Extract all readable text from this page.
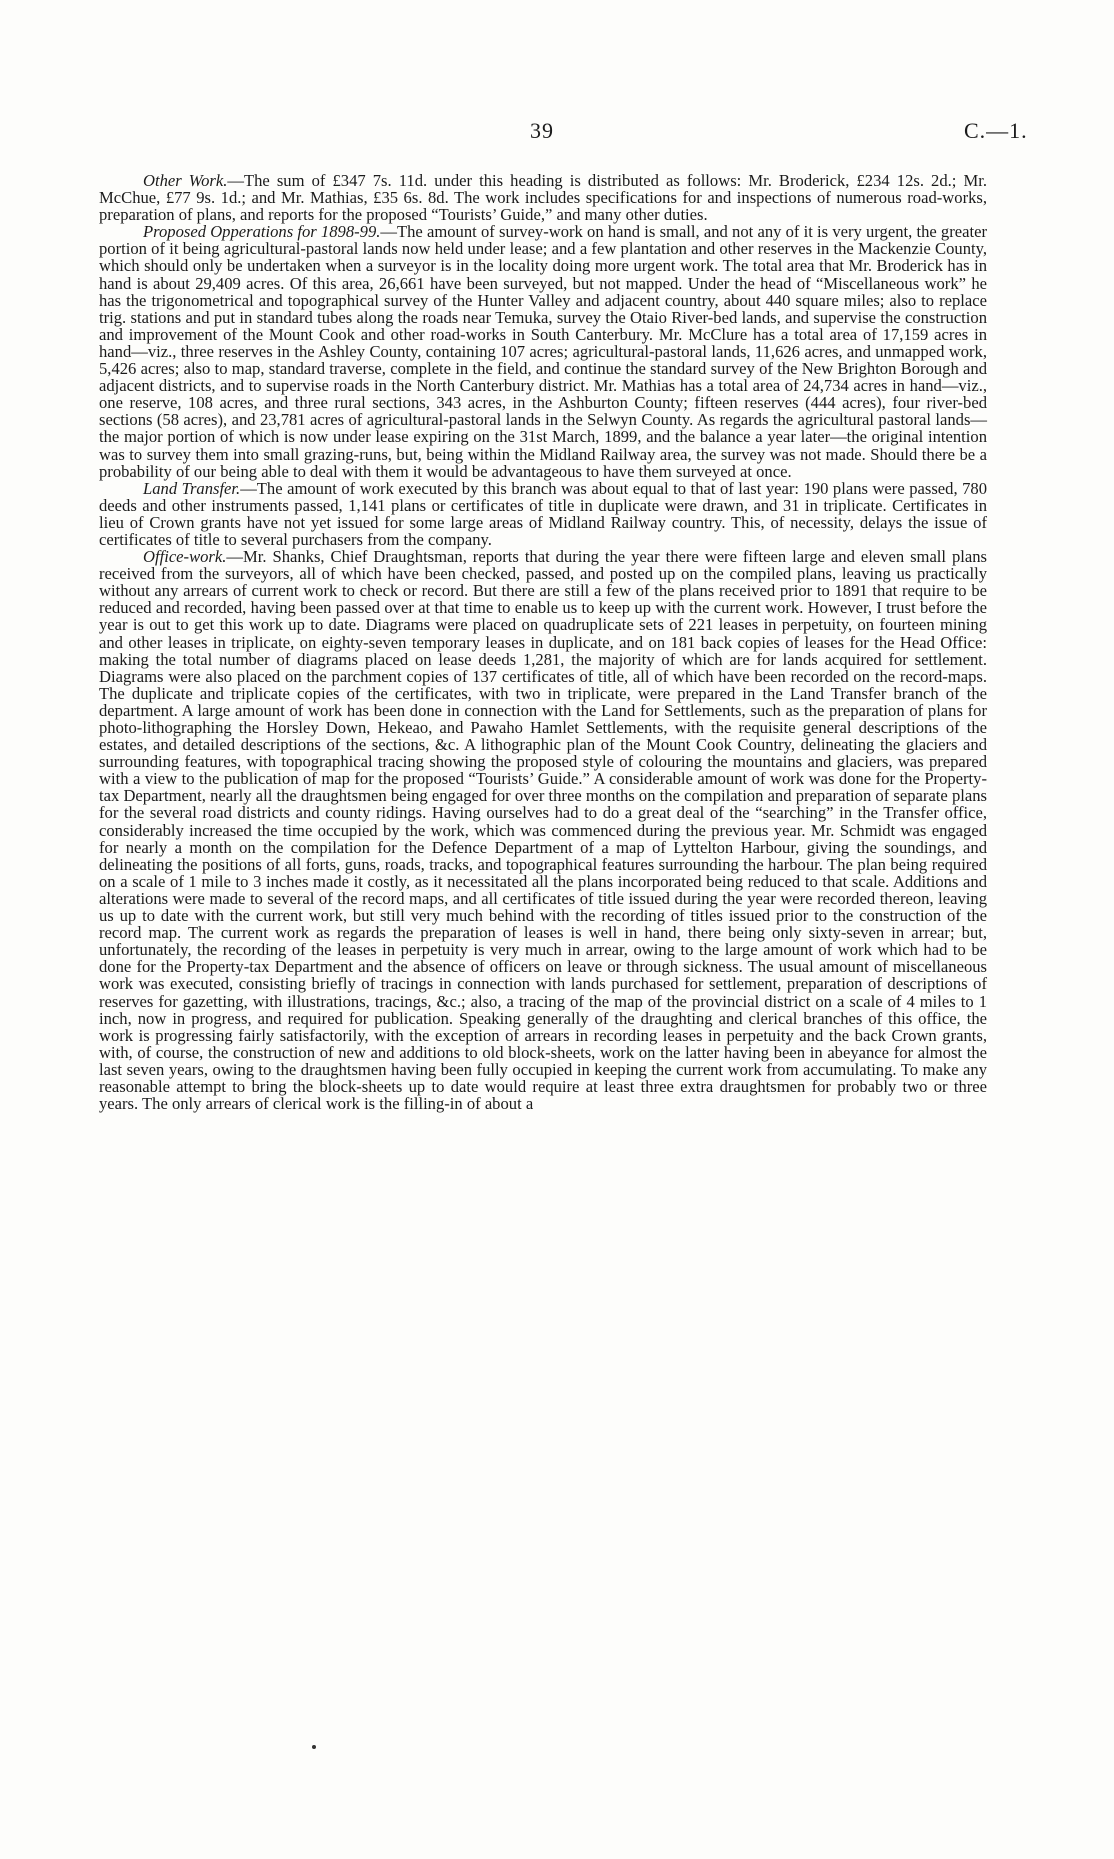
39	C.—1.

Other Work.—The sum of £347 7s. 11d. under this heading is distributed as follows: Mr. Broderick, £234 12s. 2d.; Mr. McChue, £77 9s. 1d.; and Mr. Mathias, £35 6s. 8d. The work includes specifications for and inspections of numerous road-works, preparation of plans, and reports for the proposed “Tourists’ Guide,” and many other duties.

Proposed Opperations for 1898-99.—The amount of survey-work on hand is small, and not any of it is very urgent, the greater portion of it being agricultural-pastoral lands now held under lease; and a few plantation and other reserves in the Mackenzie County, which should only be undertaken when a surveyor is in the locality doing more urgent work. The total area that Mr. Broderick has in hand is about 29,409 acres. Of this area, 26,661 have been surveyed, but not mapped. Under the head of “Miscellaneous work” he has the trigonometrical and topographical survey of the Hunter Valley and adjacent country, about 440 square miles; also to replace trig. stations and put in standard tubes along the roads near Temuka, survey the Otaio River-bed lands, and supervise the construction and improvement of the Mount Cook and other road-works in South Canterbury. Mr. McClure has a total area of 17,159 acres in hand—viz., three reserves in the Ashley County, containing 107 acres; agricultural-pastoral lands, 11,626 acres, and unmapped work, 5,426 acres; also to map, standard traverse, complete in the field, and continue the standard survey of the New Brighton Borough and adjacent districts, and to supervise roads in the North Canterbury district. Mr. Mathias has a total area of 24,734 acres in hand—viz., one reserve, 108 acres, and three rural sections, 343 acres, in the Ashburton County; fifteen reserves (444 acres), four river-bed sections (58 acres), and 23,781 acres of agricultural-pastoral lands in the Selwyn County. As regards the agricultural pastoral lands—the major portion of which is now under lease expiring on the 31st March, 1899, and the balance a year later—the original intention was to survey them into small grazing-runs, but, being within the Midland Railway area, the survey was not made. Should there be a probability of our being able to deal with them it would be advantageous to have them surveyed at once.

Land Transfer.—The amount of work executed by this branch was about equal to that of last year: 190 plans were passed, 780 deeds and other instruments passed, 1,141 plans or certificates of title in duplicate were drawn, and 31 in triplicate. Certificates in lieu of Crown grants have not yet issued for some large areas of Midland Railway country. This, of necessity, delays the issue of certificates of title to several purchasers from the company.

Office-work.—Mr. Shanks, Chief Draughtsman, reports that during the year there were fifteen large and eleven small plans received from the surveyors, all of which have been checked, passed, and posted up on the compiled plans, leaving us practically without any arrears of current work to check or record. But there are still a few of the plans received prior to 1891 that require to be reduced and recorded, having been passed over at that time to enable us to keep up with the current work. However, I trust before the year is out to get this work up to date. Diagrams were placed on quadruplicate sets of 221 leases in perpetuity, on fourteen mining and other leases in triplicate, on eighty-seven temporary leases in duplicate, and on 181 back copies of leases for the Head Office: making the total number of diagrams placed on lease deeds 1,281, the majority of which are for lands acquired for settlement. Diagrams were also placed on the parchment copies of 137 certificates of title, all of which have been recorded on the record-maps. The duplicate and triplicate copies of the certificates, with two in triplicate, were prepared in the Land Transfer branch of the department. A large amount of work has been done in connection with the Land for Settlements, such as the preparation of plans for photo-lithographing the Horsley Down, Hekeao, and Pawaho Hamlet Settlements, with the requisite general descriptions of the estates, and detailed descriptions of the sections, &c. A lithographic plan of the Mount Cook Country, delineating the glaciers and surrounding features, with topographical tracing showing the proposed style of colouring the mountains and glaciers, was prepared with a view to the publication of map for the proposed “Tourists’ Guide.” A considerable amount of work was done for the Property-tax Department, nearly all the draughtsmen being engaged for over three months on the compilation and preparation of separate plans for the several road districts and county ridings. Having ourselves had to do a great deal of the “searching” in the Transfer office, considerably increased the time occupied by the work, which was commenced during the previous year. Mr. Schmidt was engaged for nearly a month on the compilation for the Defence Department of a map of Lyttelton Harbour, giving the soundings, and delineating the positions of all forts, guns, roads, tracks, and topographical features surrounding the harbour. The plan being required on a scale of 1 mile to 3 inches made it costly, as it necessitated all the plans incorporated being reduced to that scale. Additions and alterations were made to several of the record maps, and all certificates of title issued during the year were recorded thereon, leaving us up to date with the current work, but still very much behind with the recording of titles issued prior to the construction of the record map. The current work as regards the preparation of leases is well in hand, there being only sixty-seven in arrear; but, unfortunately, the recording of the leases in perpetuity is very much in arrear, owing to the large amount of work which had to be done for the Property-tax Department and the absence of officers on leave or through sickness. The usual amount of miscellaneous work was executed, consisting briefly of tracings in connection with lands purchased for settlement, preparation of descriptions of reserves for gazetting, with illustrations, tracings, &c.; also, a tracing of the map of the provincial district on a scale of 4 miles to 1 inch, now in progress, and required for publication. Speaking generally of the draughting and clerical branches of this office, the work is progressing fairly satisfactorily, with the exception of arrears in recording leases in perpetuity and the back Crown grants, with, of course, the construction of new and additions to old block-sheets, work on the latter having been in abeyance for almost the last seven years, owing to the draughtsmen having been fully occupied in keeping the current work from accumulating. To make any reasonable attempt to bring the block-sheets up to date would require at least three extra draughtsmen for probably two or three years. The only arrears of clerical work is the filling-in of about a
